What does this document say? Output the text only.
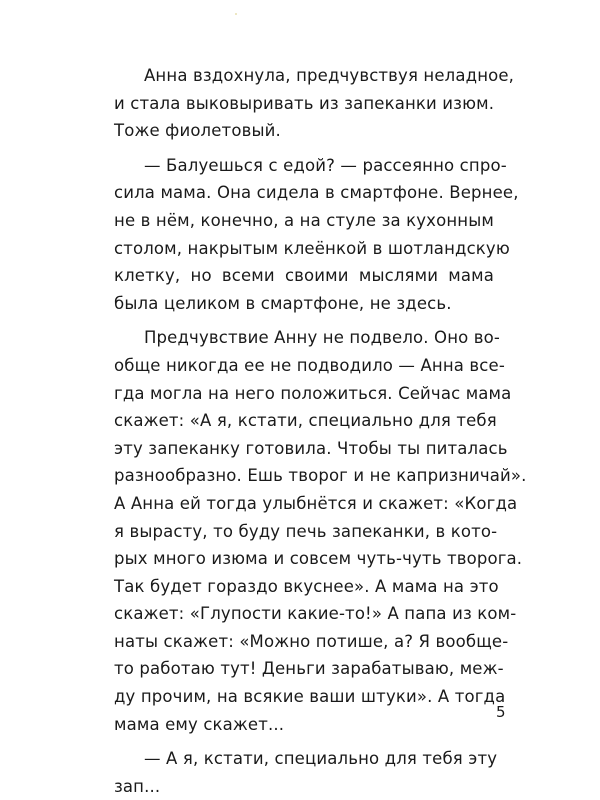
Анна вздохнула, предчувствуя неладное,
и стала выковыривать из запеканки изюм.
Тоже фиолетовый.
— Балуешься с едой? — рассеянно спро-
сила мама. Она сидела в смартфоне. Вернее,
не в нём, конечно, а на стуле за кухонным
столом, накрытым клеёнкой в шотландскую
клетку, но всеми своими мыслями мама
была целиком в смартфоне, не здесь.
Предчувствие Анну не подвело. Оно во-
обще никогда ее не подводило — Анна все-
гда могла на него положиться. Сейчас мама
скажет: «А я, кстати, специально для тебя
эту запеканку готовила. Чтобы ты питалась
разнообразно. Ешь творог и не капризничай».
А Анна ей тогда улыбнётся и скажет: «Когда
я вырасту, то буду печь запеканки, в кото-
рых много изюма и совсем чуть-чуть творога.
Так будет гораздо вкуснее». А мама на это
скажет: «Глупости какие-то!» А папа из ком-
наты скажет: «Можно потише, а? Я вообще-
то работаю тут! Деньги зарабатываю, меж-
ду прочим, на всякие ваши штуки». А тогда
мама ему скажет...
— А я, кстати, специально для тебя эту
зап...
5
